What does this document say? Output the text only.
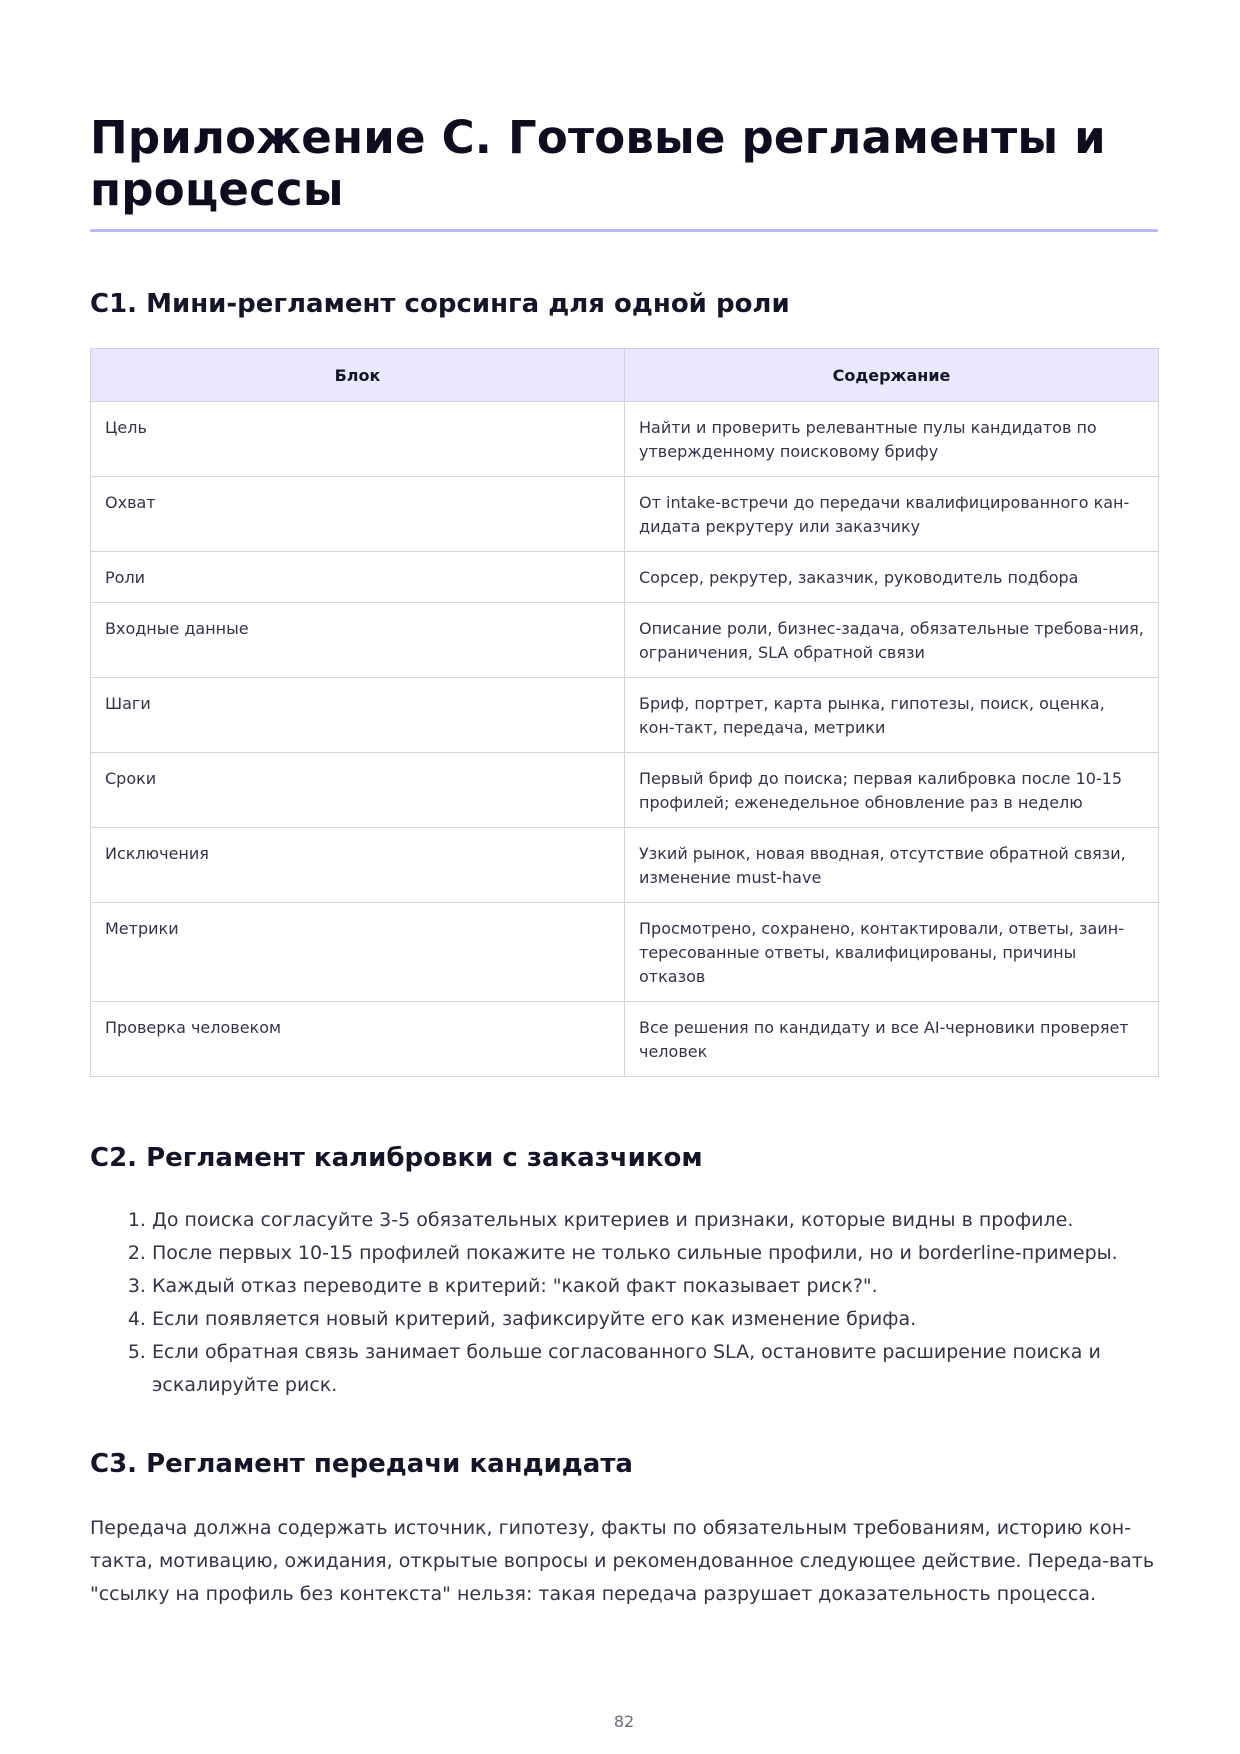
Приложение C. Готовые регламенты и процессы
C1. Мини-регламент сорсинга для одной роли
Блок	Содержание
Цель	Найти и проверить релевантные пулы кандидатов по утвержденному поисковому брифу
Охват	От intake-встречи до передачи квалифицированного кан-дидата рекрутеру или заказчику
Роли	Сорсер, рекрутер, заказчик, руководитель подбора
Входные данные	Описание роли, бизнес-задача, обязательные требова-ния, ограничения, SLA обратной связи
Шаги	Бриф, портрет, карта рынка, гипотезы, поиск, оценка, кон-такт, передача, метрики
Сроки	Первый бриф до поиска; первая калибровка после 10-15 профилей; еженедельное обновление раз в неделю
Исключения	Узкий рынок, новая вводная, отсутствие обратной связи, изменение must-have
Метрики	Просмотрено, сохранено, контактировали, ответы, заин-тересованные ответы, квалифицированы, причины отказов
Проверка человеком	Все решения по кандидату и все AI-черновики проверяет человек
C2. Регламент калибровки с заказчиком
1. До поиска согласуйте 3-5 обязательных критериев и признаки, которые видны в профиле.
2. После первых 10-15 профилей покажите не только сильные профили, но и borderline-примеры.
3. Каждый отказ переводите в критерий: "какой факт показывает риск?".
4. Если появляется новый критерий, зафиксируйте его как изменение брифа.
5. Если обратная связь занимает больше согласованного SLA, остановите расширение поиска и эскалируйте риск.
C3. Регламент передачи кандидата

Передача должна содержать источник, гипотезу, факты по обязательным требованиям, историю кон-такта, мотивацию, ожидания, открытые вопросы и рекомендованное следующее действие. Переда-вать "ссылку на профиль без контекста" нельзя: такая передача разрушает доказательность процесса.

82
